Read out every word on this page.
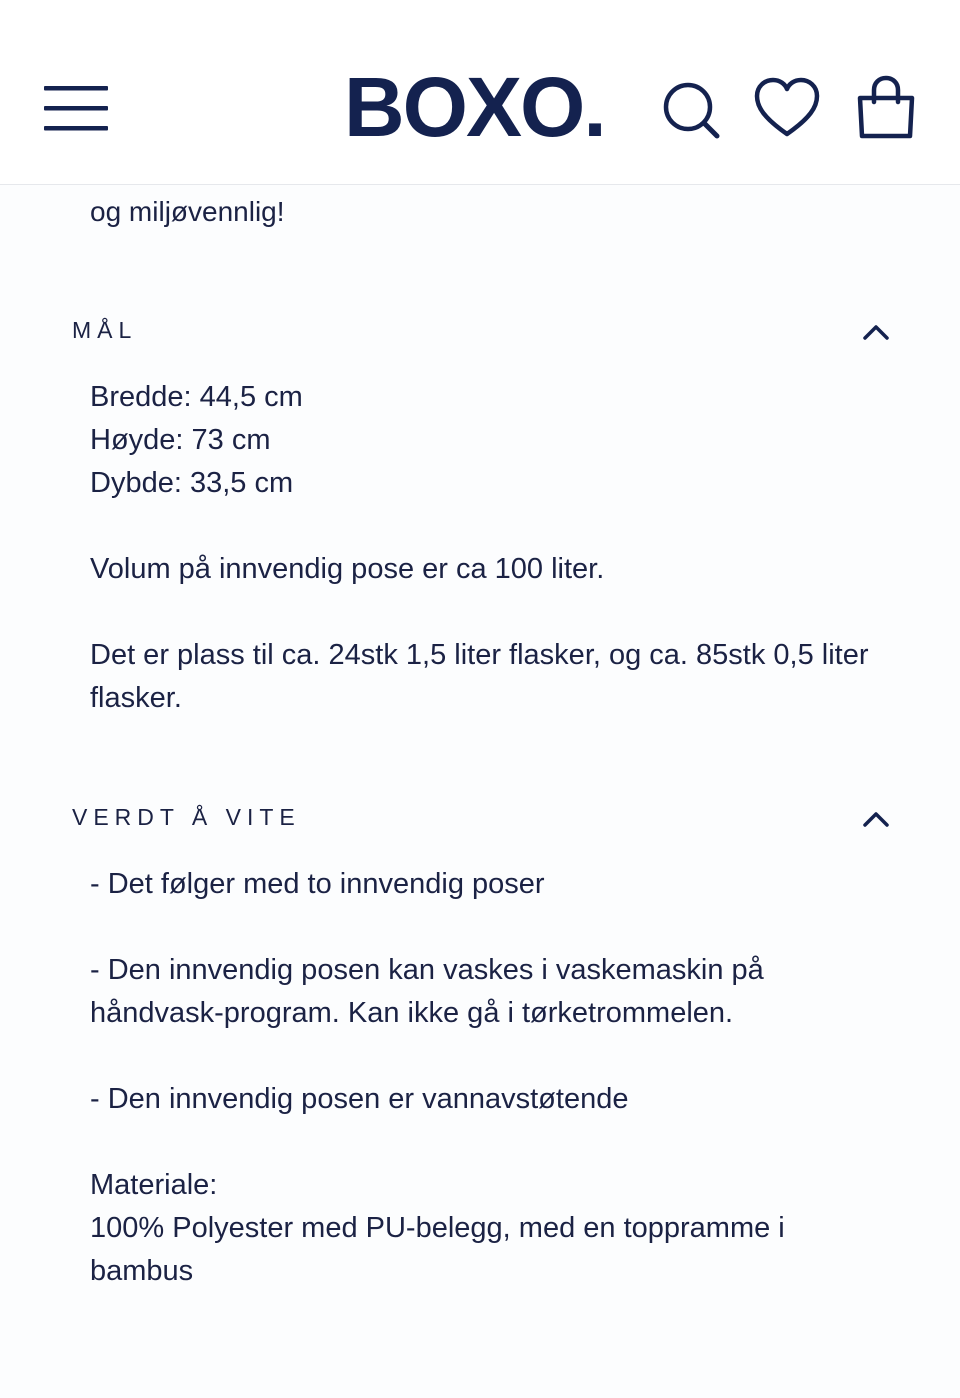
BOXO.
og miljøvennlig!
MÅL
Bredde: 44,5 cm
Høyde: 73 cm
Dybde: 33,5 cm

Volum på innvendig pose er ca 100 liter.

Det er plass til ca. 24stk 1,5 liter flasker, og ca. 85stk 0,5 liter flasker.

VERDT Å VITE

- Det følger med to innvendig poser

- Den innvendig posen kan vaskes i vaskemaskin på håndvask-program. Kan ikke gå i tørketrommelen.

- Den innvendig posen er vannavstøtende

Materiale:
100% Polyester med PU-belegg, med en toppramme i bambus
